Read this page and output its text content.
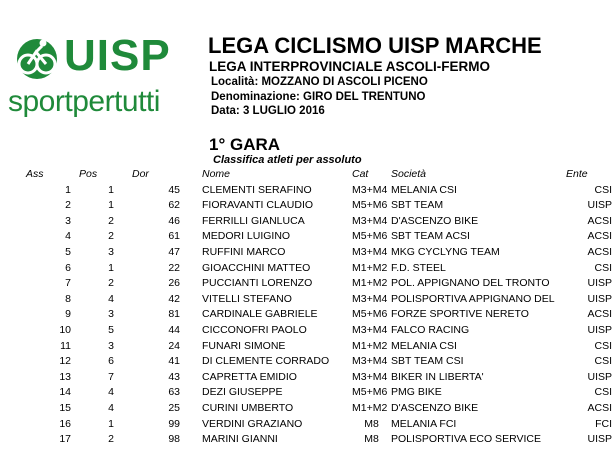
UISP
sportpertutti
LEGA CICLISMO UISP MARCHE
LEGA INTERPROVINCIALE ASCOLI-FERMO
Località: MOZZANO DI ASCOLI PICENO
Denominazione: GIRO DEL TRENTUNO
Data: 3 LUGLIO 2016
1° GARA
Classifica atleti per assoluto
Ass	Pos	Dor		Nome	Cat	Società	Ente
1	1	45		CLEMENTI SERAFINO	M3+M4	MELANIA CSI	CSI
2	1	62		FIORAVANTI CLAUDIO	M5+M6	SBT TEAM	UISP
3	2	46		FERRILLI GIANLUCA	M3+M4	D'ASCENZO BIKE	ACSI
4	2	61		MEDORI LUIGINO	M5+M6	SBT TEAM ACSI	ACSI
5	3	47		RUFFINI MARCO	M3+M4	MKG CYCLYNG TEAM	ACSI
6	1	22		GIOACCHINI MATTEO	M1+M2	F.D. STEEL	CSI
7	2	26		PUCCIANTI LORENZO	M1+M2	POL. APPIGNANO DEL TRONTO	UISP
8	4	42		VITELLI STEFANO	M3+M4	POLISPORTIVA APPIGNANO DEL	UISP
9	3	81		CARDINALE GABRIELE	M5+M6	FORZE SPORTIVE NERETO	ACSI
10	5	44		CICCONOFRI PAOLO	M3+M4	FALCO RACING	UISP
11	3	24		FUNARI SIMONE	M1+M2	MELANIA CSI	CSI
12	6	41		DI CLEMENTE CORRADO	M3+M4	SBT TEAM CSI	CSI
13	7	43		CAPRETTA EMIDIO	M3+M4	BIKER IN LIBERTA'	UISP
14	4	63		DEZI GIUSEPPE	M5+M6	PMG BIKE	CSI
15	4	25		CURINI UMBERTO	M1+M2	D'ASCENZO BIKE	ACSI
16	1	99		VERDINI GRAZIANO	M8	MELANIA FCI	FCI
17	2	98		MARINI GIANNI	M8	POLISPORTIVA ECO SERVICE	UISP
